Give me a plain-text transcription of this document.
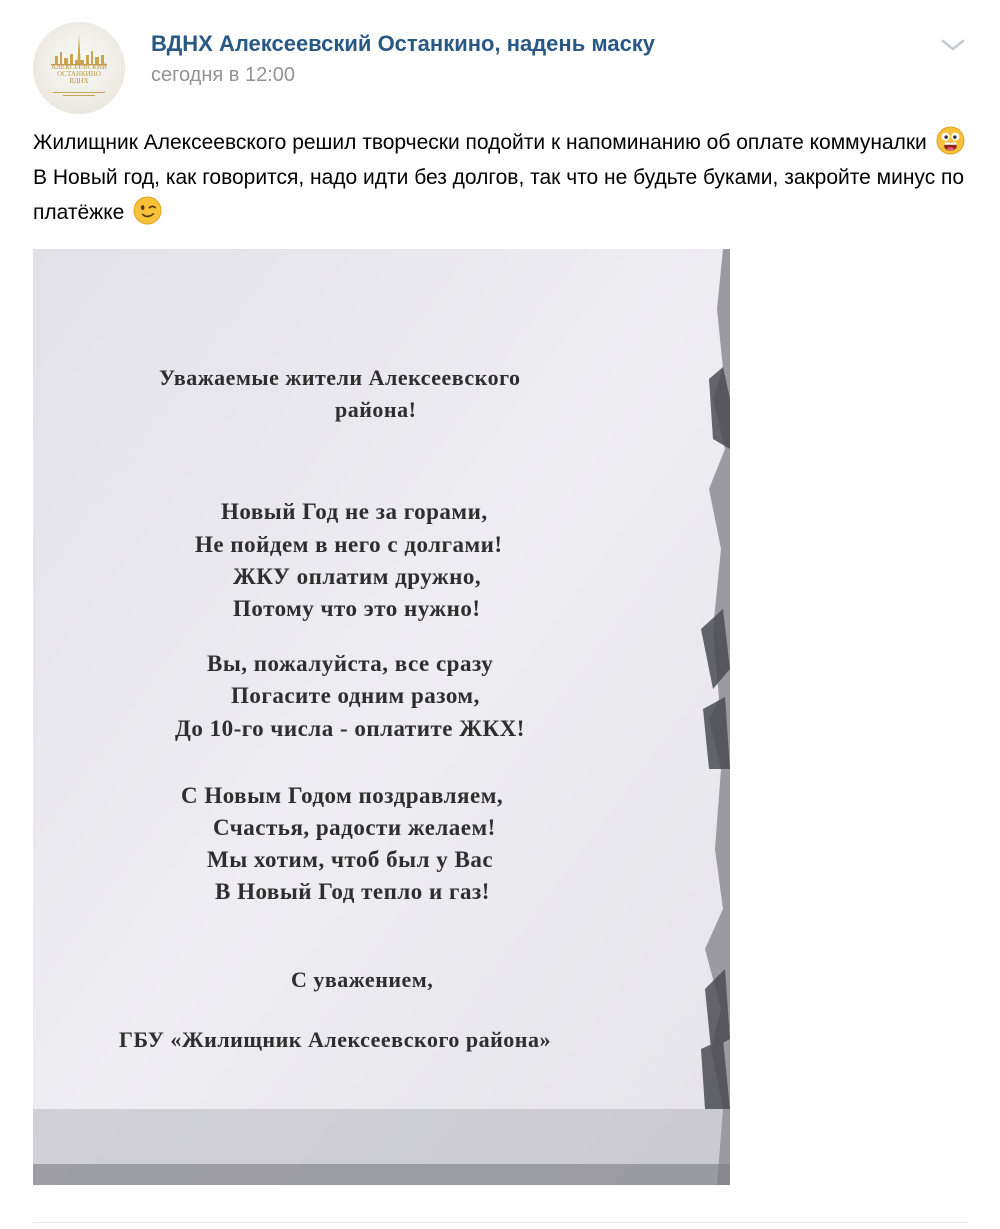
АЛЕКСЕЕВСКИЙ
ОСТАНКИНО
ВДНХ
ВДНХ Алексеевский Останкино, надень маску
сегодня в 12:00
Жилищник Алексеевского решил творчески подойти к напоминанию об оплате коммуналки  В Новый год, как говорится, надо идти без долгов, так что не будьте буками, закройте минус по платёжке
Уважаемые жители Алексеевского
района!
Новый Год не за горами,
Не пойдем в него с долгами!
ЖКУ оплатим дружно,
Потому что это нужно!
Вы, пожалуйста, все сразу
Погасите одним разом,
До 10-го числа - оплатите ЖКХ!
С Новым Годом поздравляем,
Счастья, радости желаем!
Мы хотим, чтоб был у Вас
В Новый Год тепло и газ!
С уважением,
ГБУ «Жилищник Алексеевского района»
